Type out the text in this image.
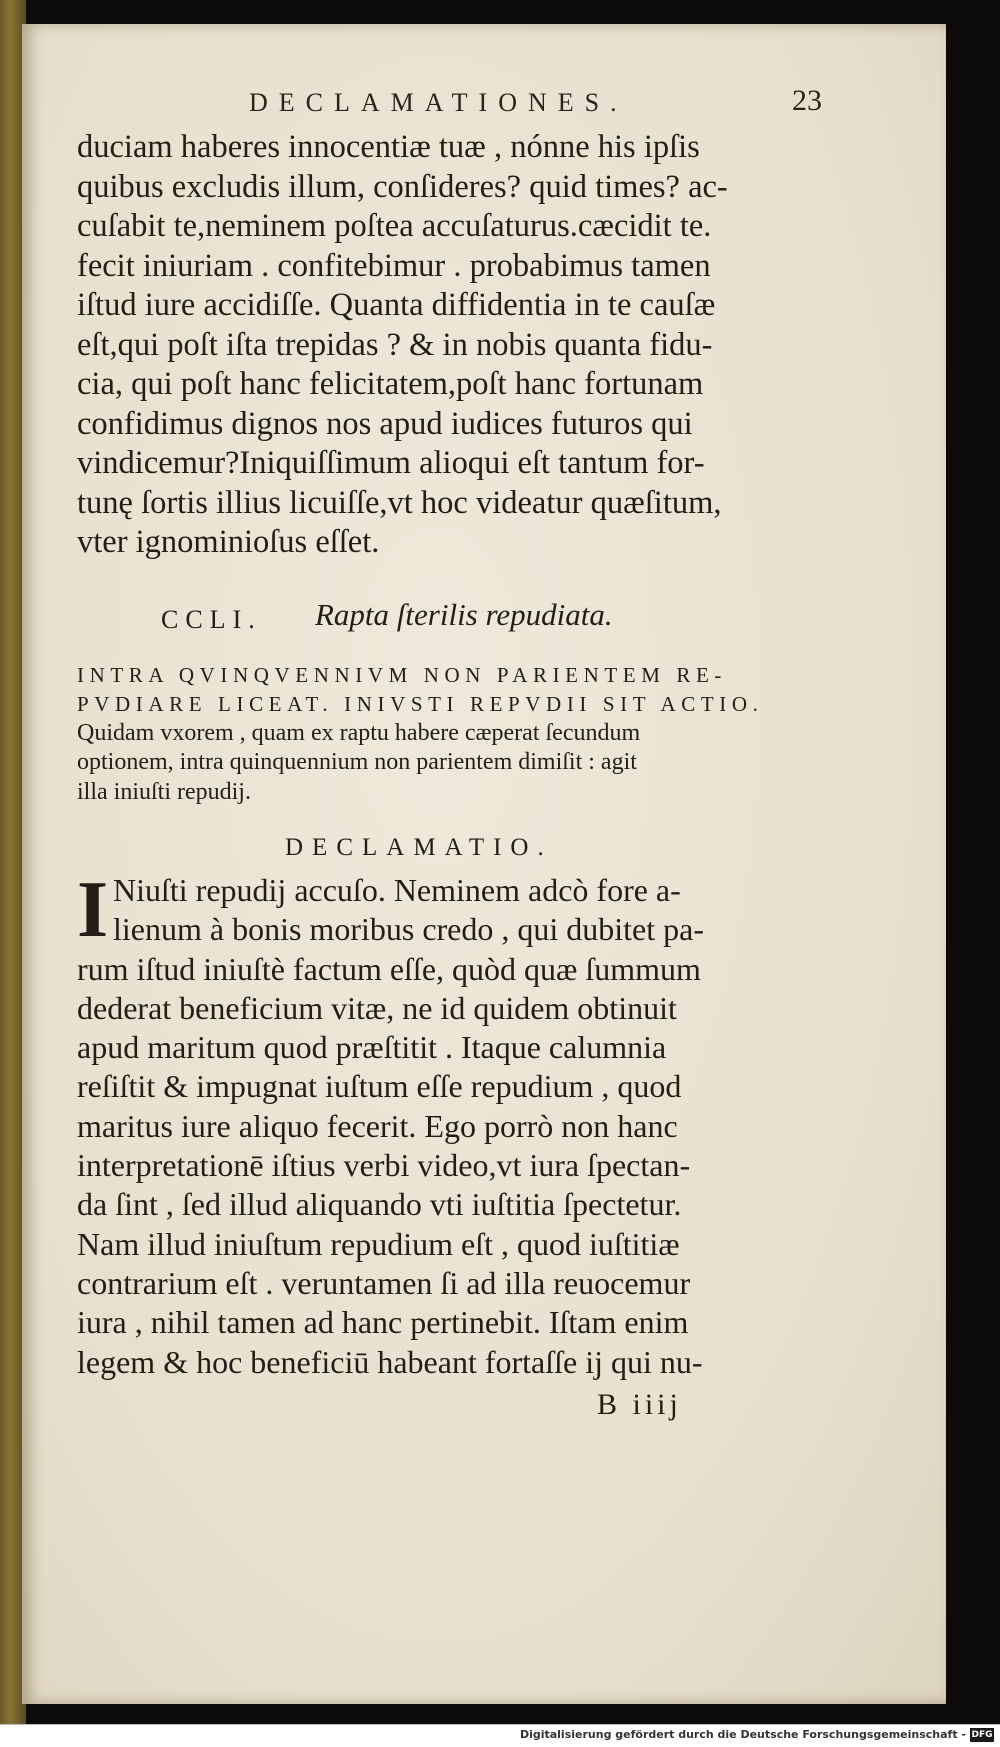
DECLAMATIONES.	23
duciam haberes innocentiæ tuæ , nónne his ipſis
quibus excludis illum, conſideres? quid times? ac-
cuſabit te,neminem poſtea accuſaturus.cæcidit te.
fecit iniuriam . confitebimur . probabimus tamen
iſtud iure accidiſſe. Quanta diffidentia in te cauſæ
eſt,qui poſt iſta trepidas ? & in nobis quanta fidu-
cia, qui poſt hanc felicitatem,poſt hanc fortunam
confidimus dignos nos apud iudices futuros qui
vindicemur?Iniquiſſimum alioqui eſt tantum for-
tunę ſortis illius licuiſſe,vt hoc videatur quæſitum,
vter ignominioſus eſſet.
CCLI. Rapta ſterilis repudiata.
INTRA QVINQVENNIVM NON PARIENTEM RE-
PVDIARE LICEAT. INIVSTI REPVDII SIT ACTIO.
Quidam vxorem , quam ex raptu habere cæperat ſecundum
optionem, intra quinquennium non parientem dimiſit : agit
illa iniuſti repudij.
DECLAMATIO.
I Niuſti repudij accuſo. Neminem adcò fore a-
lienum à bonis moribus credo , qui dubitet pa-
rum iſtud iniuſtè factum eſſe, quòd quæ ſummum
dederat beneficium vitæ, ne id quidem obtinuit
apud maritum quod præſtitit . Itaque calumnia
reſiſtit & impugnat iuſtum eſſe repudium , quod
maritus iure aliquo fecerit. Ego porrò non hanc
interpretationē iſtius verbi video,vt iura ſpectan-
da ſint , ſed illud aliquando vti iuſtitia ſpectetur.
Nam illud iniuſtum repudium eſt , quod iuſtitiæ
contrarium eſt . veruntamen ſi ad illa reuocemur
iura , nihil tamen ad hanc pertinebit. Iſtam enim
legem & hoc beneficiū habeant fortaſſe ij qui nu-
B iiij
Digitalisierung gefördert durch die Deutsche Forschungsgemeinschaft - DFG
